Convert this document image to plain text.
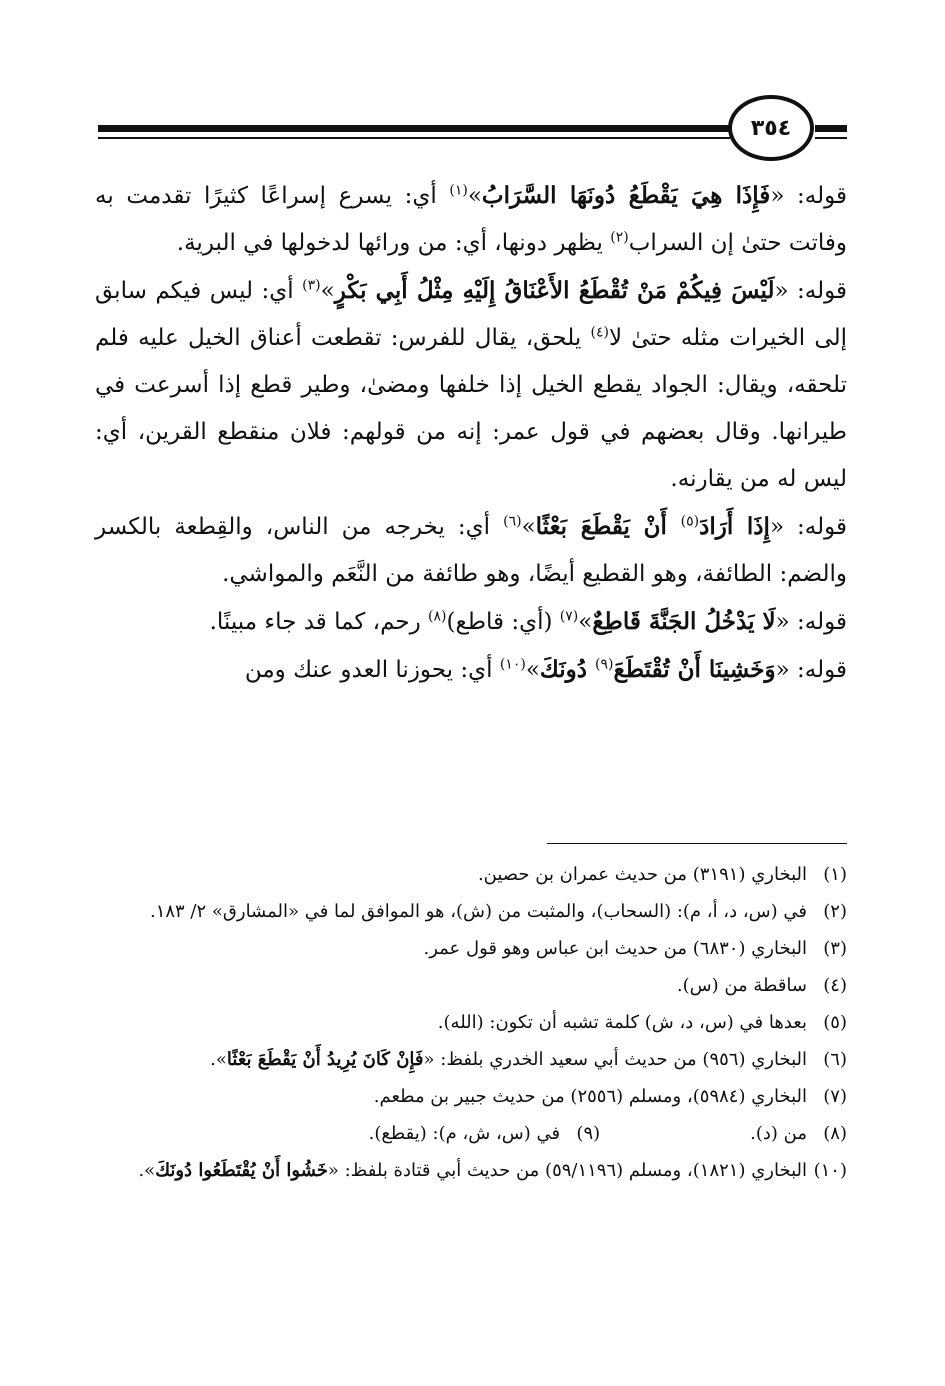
٣٥٤

قوله: «فَإِذَا هِيَ يَقْطَعُ دُونَهَا السَّرَابُ»$^{(١)}$ أي: يسرع إسراعًا كثيرًا تقدمت به وفاتت حتىٰ إن السراب$^{(٢)}$ يظهر دونها، أي: من ورائها لدخولها في البرية.

قوله: «لَيْسَ فِيكُمْ مَنْ تُقْطَعُ الأَعْنَاقُ إِلَيْهِ مِثْلُ أَبِي بَكْرٍ»$^{(٣)}$ أي: ليس فيكم سابق إلى الخيرات مثله حتىٰ لا$^{(٤)}$ يلحق، يقال للفرس: تقطعت أعناق الخيل عليه فلم تلحقه، ويقال: الجواد يقطع الخيل إذا خلفها ومضىٰ، وطير قطع إذا أسرعت في طيرانها. وقال بعضهم في قول عمر: إنه من قولهم: فلان منقطع القرين، أي: ليس له من يقارنه.

قوله: «إِذَا أَرَادَ$^{(٥)}$ أَنْ يَقْطَعَ بَعْثًا»$^{(٦)}$ أي: يخرجه من الناس، والقِطعة بالكسر والضم: الطائفة، وهو القطيع أيضًا، وهو طائفة من النَّعَم والمواشي.

قوله: «لَا يَدْخُلُ الجَنَّةَ قَاطِعٌ»$^{(٧)}$ (أي: قاطع)$^{(٨)}$ رحم، كما قد جاء مبينًا.

قوله: «وَخَشِينَا أَنْ تُقْتَطَعَ$^{(٩)}$ دُونَكَ»$^{(١٠)}$ أي: يحوزنا العدو عنك ومن

(١)
البخاري (٣١٩١) من حديث عمران بن حصين.
(٢)
في (س، د، أ، م): (السحاب)، والمثبت من (ش)، هو الموافق لما في «المشارق» ٢/ ١٨٣.
(٣)
البخاري (٦٨٣٠) من حديث ابن عباس وهو قول عمر.
(٤)
ساقطة من (س).
(٥)
بعدها في (س، د، ش) كلمة تشبه أن تكون: (الله).
(٦)
البخاري (٩٥٦) من حديث أبي سعيد الخدري بلفظ: «فَإِنْ كَانَ يُرِيدُ أَنْ يَقْطَعَ بَعْثًا».
(٧)
البخاري (٥٩٨٤)، ومسلم (٢٥٥٦) من حديث جبير بن مطعم.
(٨)
من (د).
(٩)
في (س، ش، م): (يقطع).
(١٠)
البخاري (١٨٢١)، ومسلم (٥٩/١١٩٦) من حديث أبي قتادة بلفظ: «خَشُوا أَنْ يُقْتَطَعُوا دُونَكَ».
